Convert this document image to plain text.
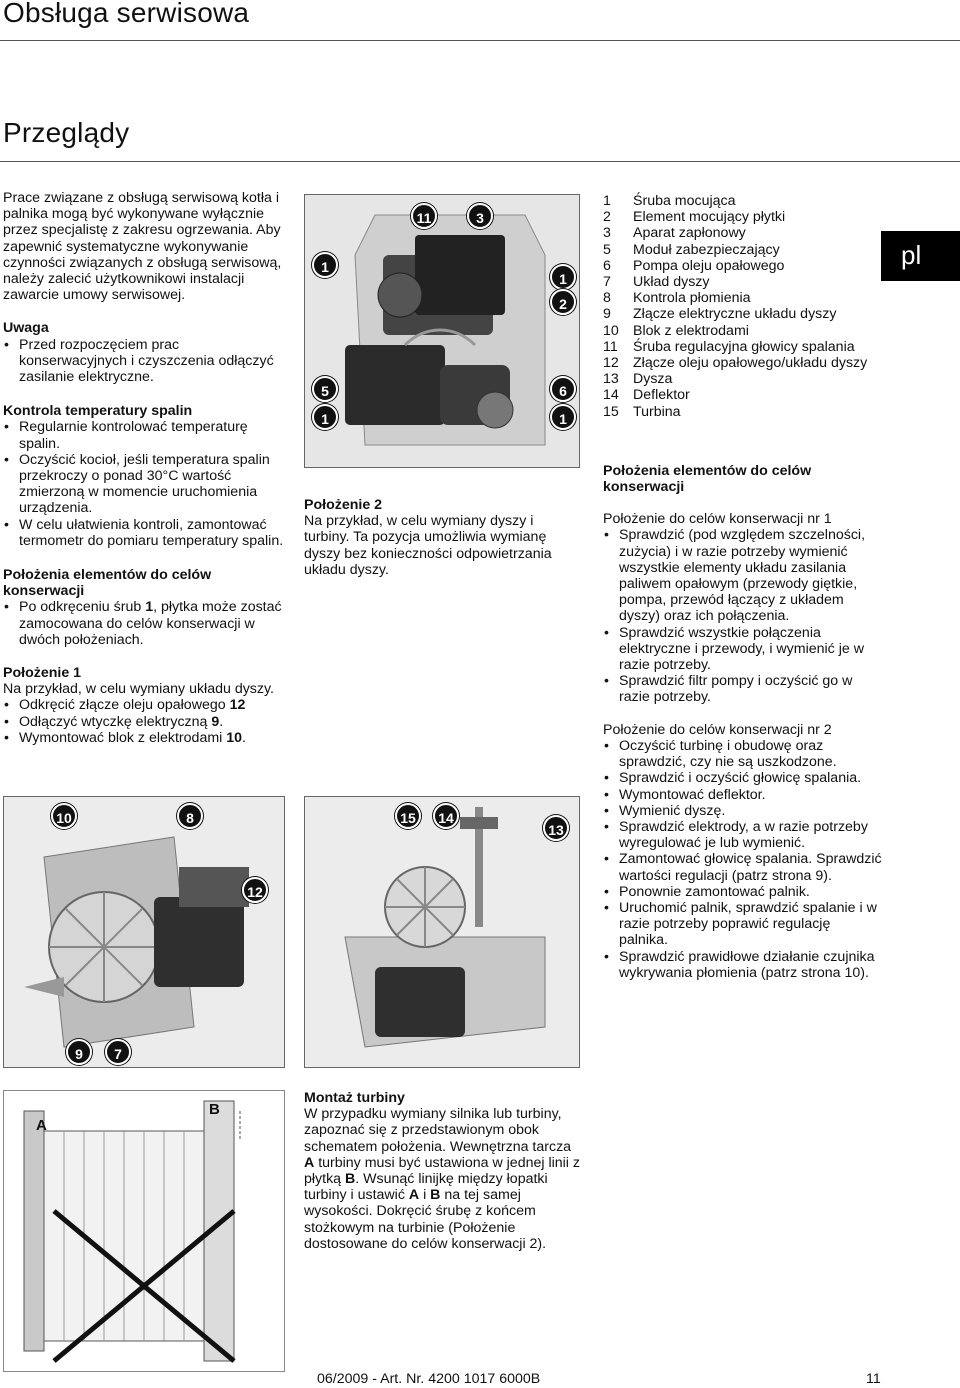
Obsługa serwisowa
Przeglądy
pl

Prace związane z obsługą serwisową kotła i palnika mogą być wykonywane wyłącznie przez specjalistę z zakresu ogrzewania. Aby zapewnić systematyczne wykonywanie czynności związanych z obsługą serwisową, należy zalecić użytkownikowi instalacji zawarcie umowy serwisowej.

Uwaga

• Przed rozpoczęciem prac konserwacyjnych i czyszczenia odłączyć zasilanie elektryczne.

Kontrola temperatury spalin

• Regularnie kontrolować temperaturę spalin.
• Oczyścić kocioł, jeśli temperatura spalin przekroczy o ponad 30°C wartość zmierzoną w momencie uruchomienia urządzenia.
• W celu ułatwienia kontroli, zamontować termometr do pomiaru temperatury spalin.

Położenia elementów do celów konserwacji

• Po odkręceniu śrub 1, płytka może zostać zamocowana do celów konserwacji w dwóch położeniach.

Położenie 1

Na przykład, w celu wymiany układu dyszy.

• Odkręcić złącze oleju opałowego 12
• Odłączyć wtyczkę elektryczną 9.
• Wymontować blok z elektrodami 10.
11	3
1
1
2
5	6
1	1

Położenie 2

Na przykład, w celu wymiany dyszy i turbiny. Ta pozycja umożliwia wymianę dyszy bez konieczności odpowietrzania układu dyszy.

1	Śruba mocująca
2	Element mocujący płytki
3	Aparat zapłonowy
5	Moduł zabezpieczający
6	Pompa oleju opałowego
7	Układ dyszy
8	Kontrola płomienia
9	Złącze elektryczne układu dyszy
10	Blok z elektrodami
11	Śruba regulacyjna głowicy spalania
12	Złącze oleju opałowego/układu dyszy
13	Dysza
14	Deflektor
15	Turbina

Położenia elementów do celów konserwacji

Położenie do celów konserwacji nr 1

• Sprawdzić (pod względem szczelności, zużycia) i w razie potrzeby wymienić wszystkie elementy układu zasilania paliwem opałowym (przewody giętkie, pompa, przewód łączący z układem dyszy) oraz ich połączenia.
• Sprawdzić wszystkie połączenia elektryczne i przewody, i wymienić je w razie potrzeby.
• Sprawdzić filtr pompy i oczyścić go w razie potrzeby.

Położenie do celów konserwacji nr 2

• Oczyścić turbinę i obudowę oraz sprawdzić, czy nie są uszkodzone.
• Sprawdzić i oczyścić głowicę spalania.
• Wymontować deflektor.
• Wymienić dyszę.
• Sprawdzić elektrody, a w razie potrzeby wyregulować je lub wymienić.
• Zamontować głowicę spalania. Sprawdzić wartości regulacji (patrz strona 9).
• Ponownie zamontować palnik.
• Uruchomić palnik, sprawdzić spalanie i w razie potrzeby poprawić regulację palnika.
• Sprawdzić prawidłowe działanie czujnika wykrywania płomienia (patrz strona 10).
10	8
12
9	7
15	14
13
A
B

Montaż turbiny

W przypadku wymiany silnika lub turbiny, zapoznać się z przedstawionym obok schematem położenia. Wewnętrzna tarcza A turbiny musi być ustawiona w jednej linii z płytką B. Wsunąć linijkę między łopatki turbiny i ustawić A i B na tej samej wysokości. Dokręcić śrubę z końcem stożkowym na turbinie (Położenie dostosowane do celów konserwacji 2).

06/2009 - Art. Nr. 4200 1017 6000B	11
